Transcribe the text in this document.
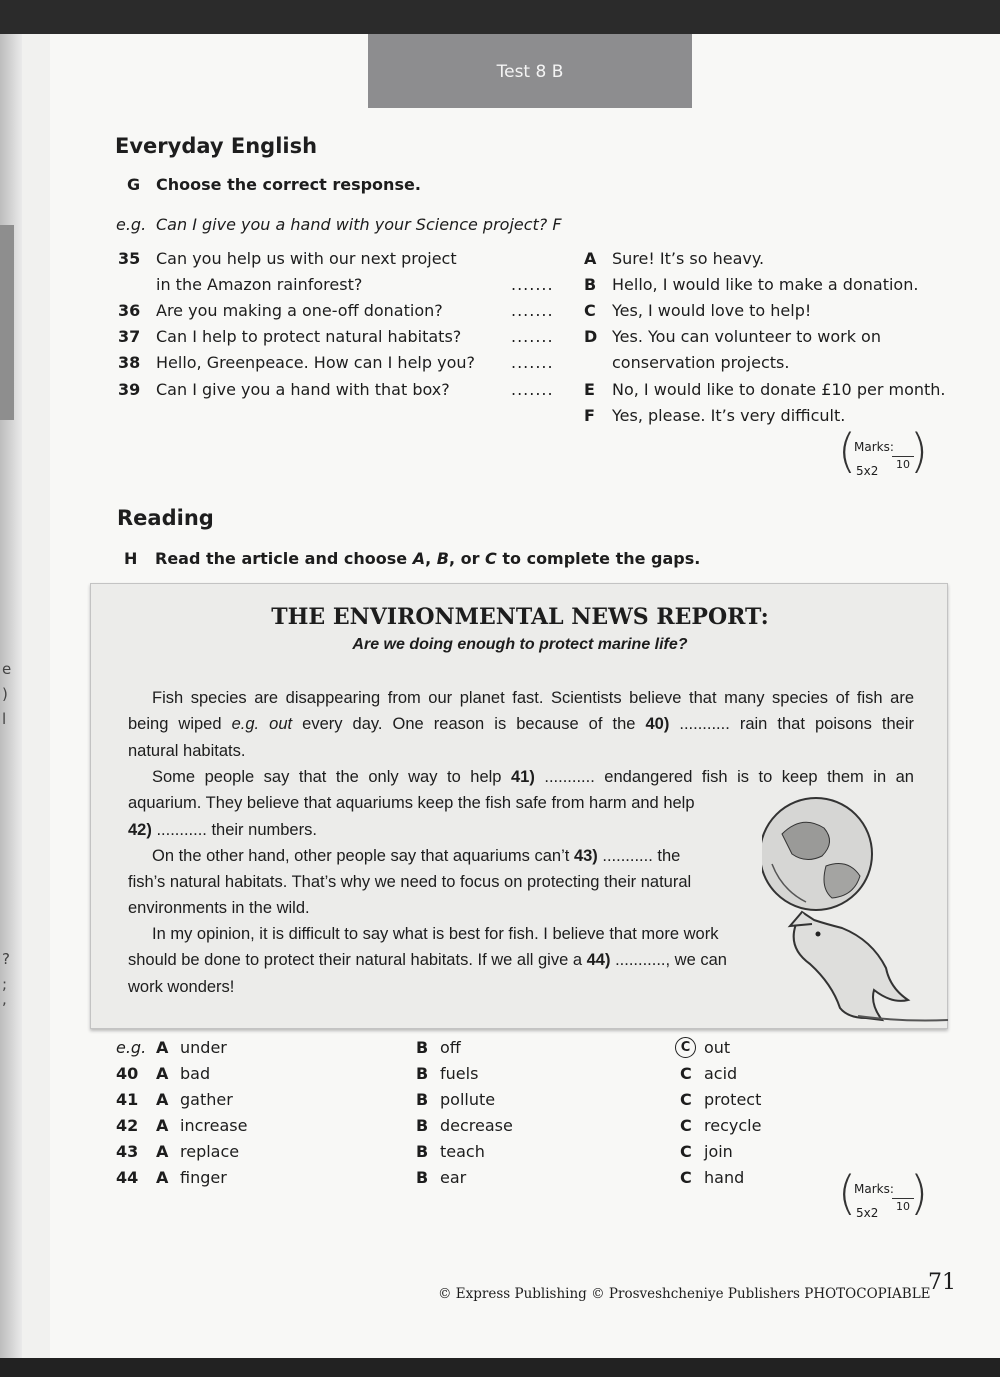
e
)
l
?
;
,
Test 8 B
Everyday English
G Choose the correct response.
e.g. Can I give you a hand with your Science project? F
35 Can you help us with our next project
in the Amazon rainforest?	.......
36 Are you making a one-off donation?	.......
37 Can I help to protect natural habitats?	.......
38 Hello, Greenpeace. How can I help you? .......
39 Can I give you a hand with that box?	.......
A Sure! It’s so heavy.
B Hello, I would like to make a donation.
C Yes, I would love to help!
D Yes. You can volunteer to work on
conservation projects.
E No, I would like to donate £10 per month.
F Yes, please. It’s very difficult.
(
Marks:
10
5x2 )
Reading
H Read the article and choose A, B, or C to complete the gaps.
THE ENVIRONMENTAL NEWS REPORT:
Are we doing enough to protect marine life?
Fish species are disappearing from our planet fast. Scientists believe that many species of fish are
being wiped e.g. out every day. One reason is because of the 40) ........... rain that poisons their
natural habitats.
Some people say that the only way to help 41) ........... endangered fish is to keep them in an
aquarium. They believe that aquariums keep the fish safe from harm and help
42) ........... their numbers.
On the other hand, other people say that aquariums can’t 43) ........... the
fish’s natural habitats. That’s why we need to focus on protecting their natural
environments in the wild.
In my opinion, it is difficult to say what is best for fish. I believe that more work
should be done to protect their natural habitats. If we all give a 44) ..........., we can
work wonders!
e.g. A under	B off	C out
40 A bad	B fuels	C acid
41 A gather	B pollute	C protect
42 A increase	B decrease	C recycle
43 A replace	B teach	C join
44 A finger	B ear	C hand (
Marks:
10
5x2 )
© Express Publishing © Prosveshcheniye Publishers PHOTOCOPIABLE
71
